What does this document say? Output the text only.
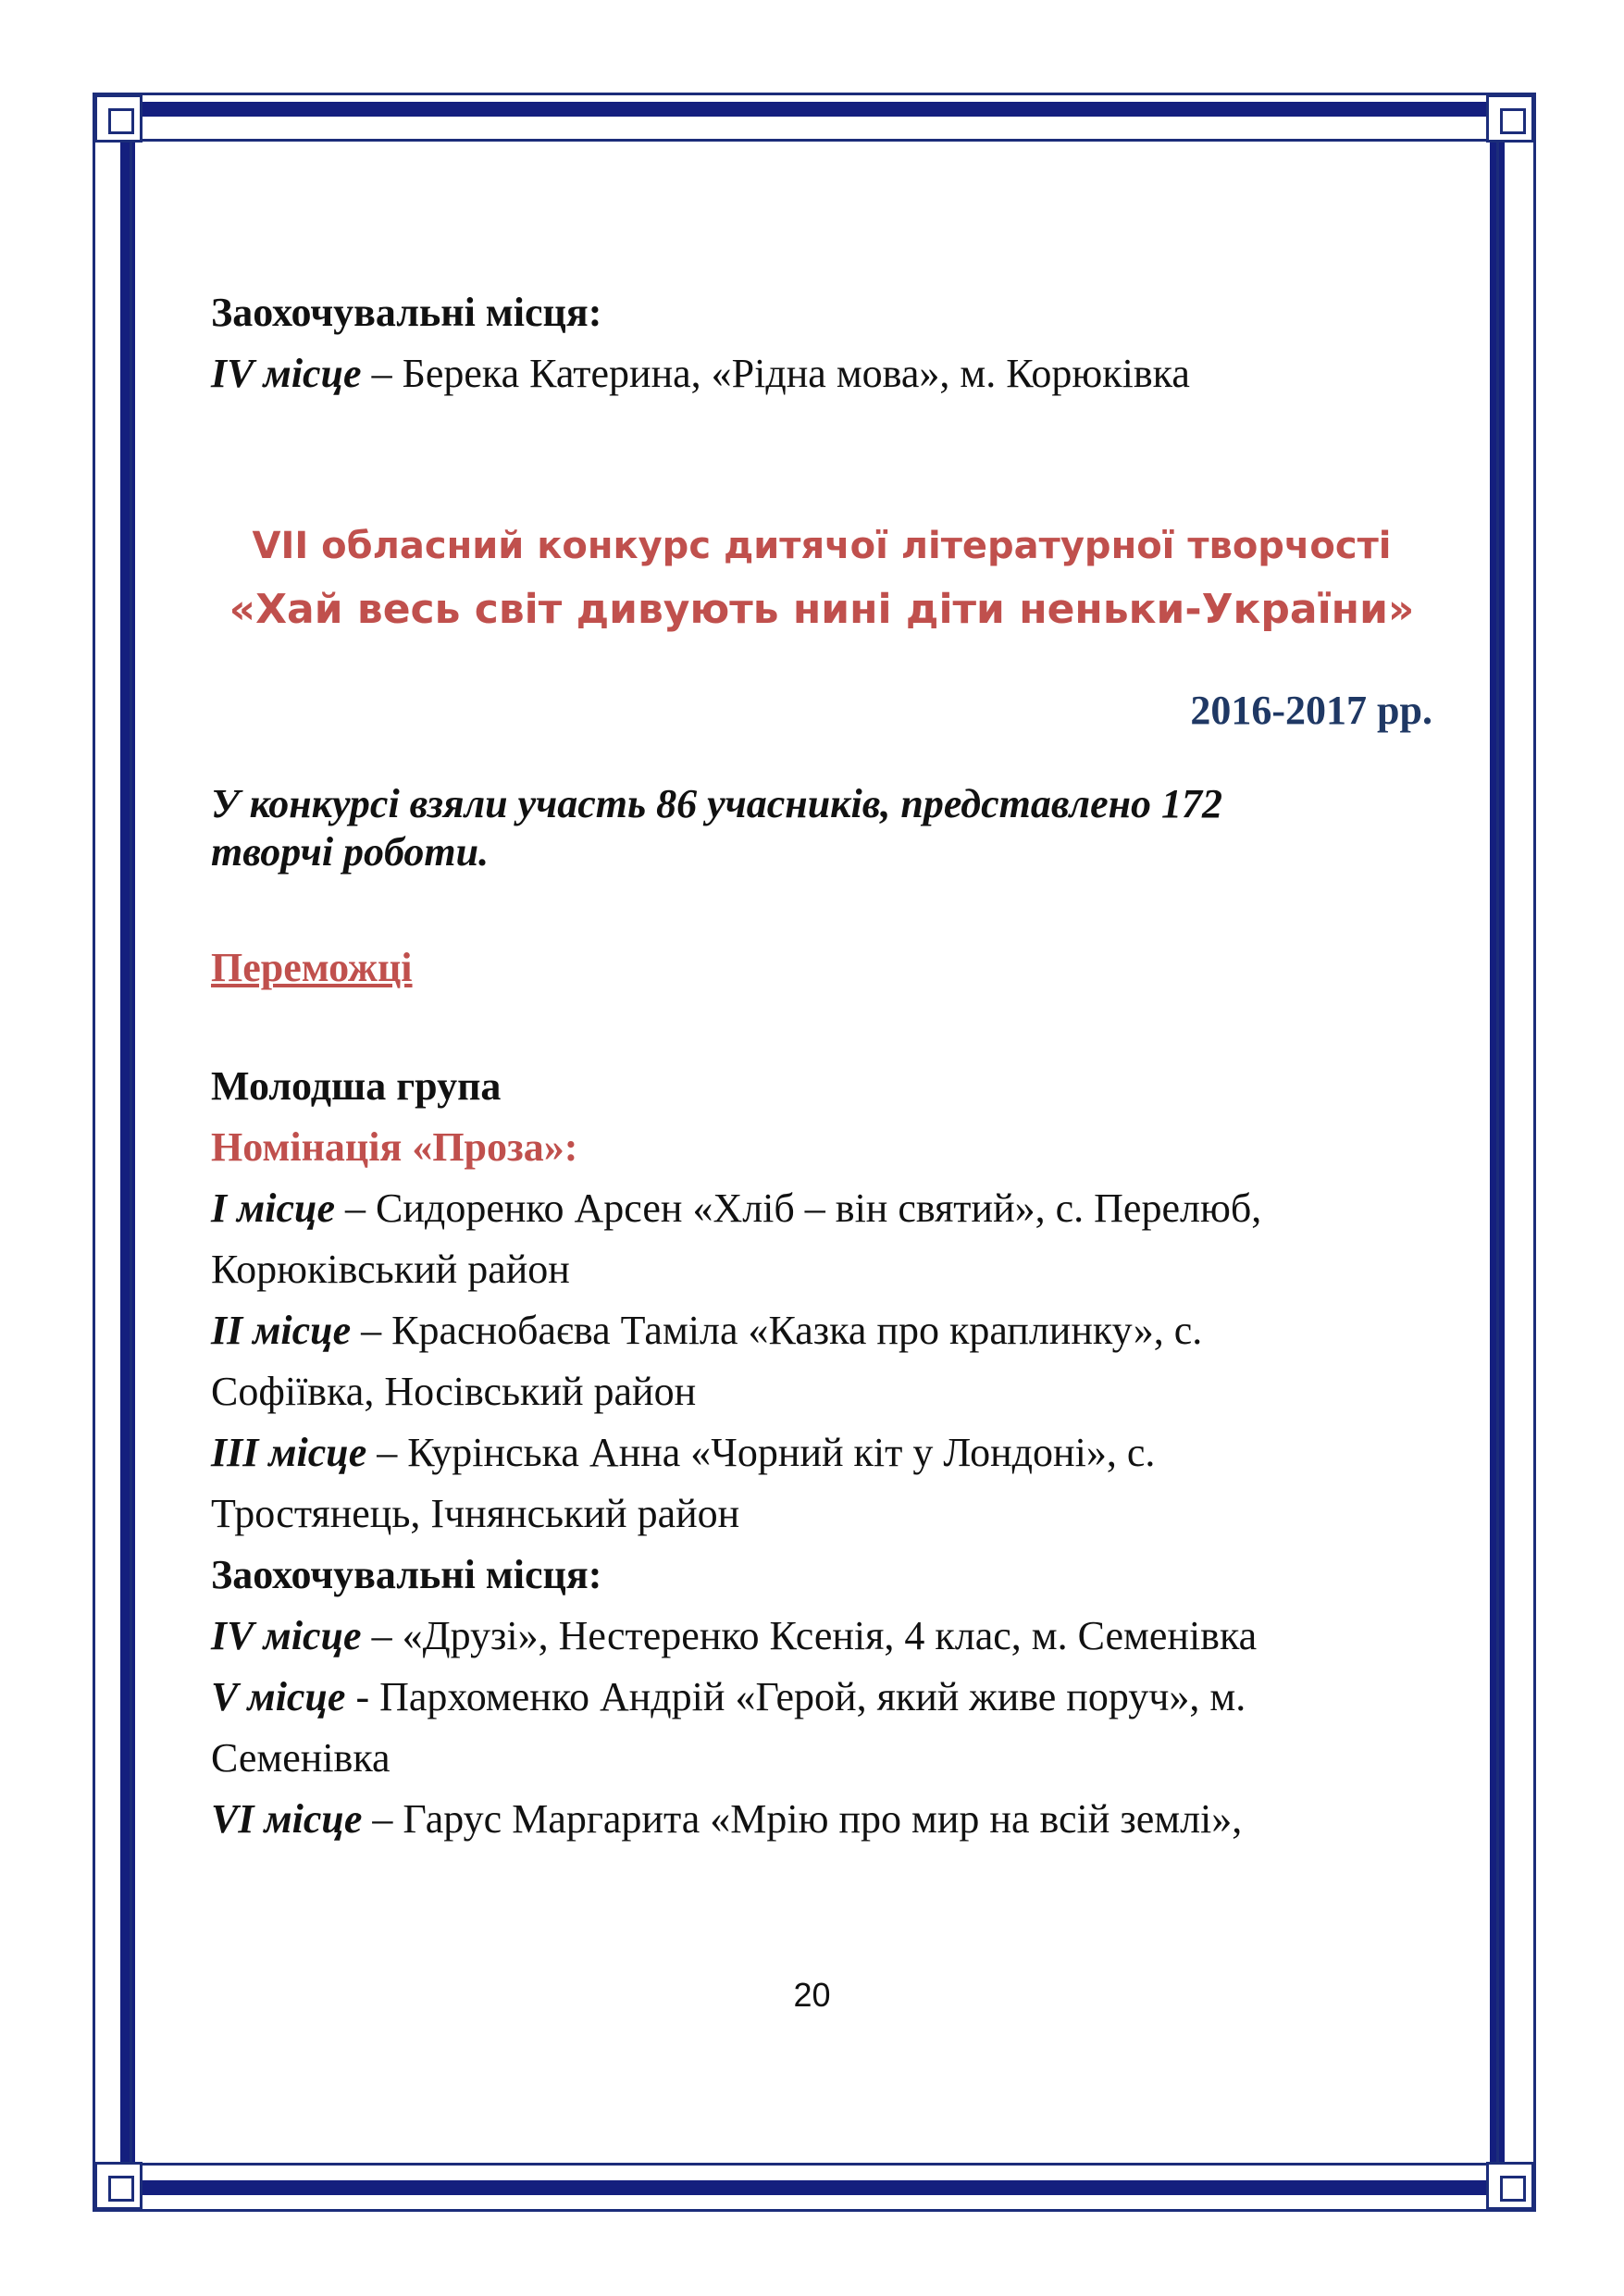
Заохочувальні місця:
IV місце – Берека Катерина, «Рідна мова», м. Корюківка
VII обласний конкурс дитячої літературної творчості
«Хай весь світ дивують нині діти неньки-України»
2016-2017 рр.
У конкурсі взяли участь 86 учасників, представлено 172
творчі роботи.
Переможці
Молодша група
Номінація «Проза»:
I місце – Сидоренко Арсен «Хліб – він святий», с. Перелюб,
Корюківський район
II місце – Краснобаєва Таміла «Казка про краплинку», с.
Софіївка, Носівський район
III місце – Курінська Анна «Чорний кіт у Лондоні», с.
Тростянець, Ічнянський район
Заохочувальні місця:
IV місце – «Друзі», Нестеренко Ксенія, 4 клас, м. Семенівка
V місце - Пархоменко Андрій «Герой, який живе поруч», м.
Семенівка
VI місце – Гарус Маргарита «Мрію про мир на всій землі»,
20
